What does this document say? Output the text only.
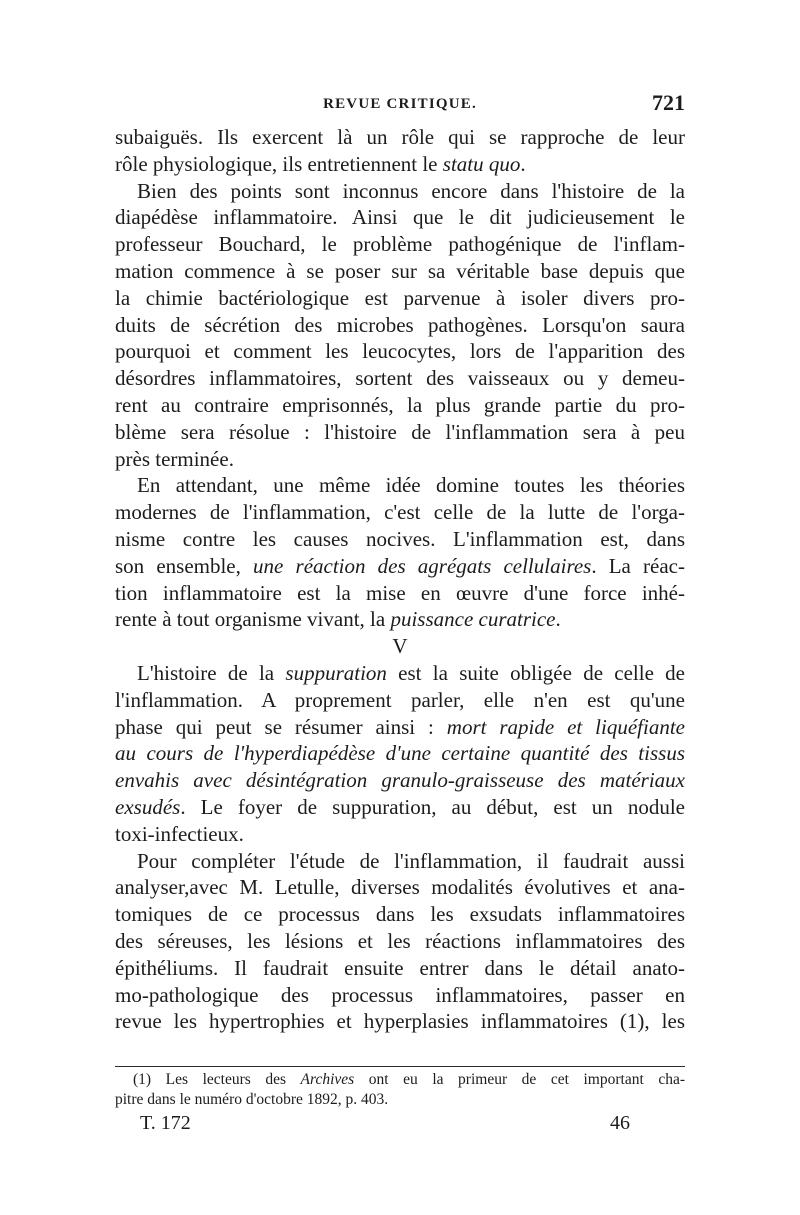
REVUE CRITIQUE.	721
subaiguës. Ils exercent là un rôle qui se rapproche de leur
rôle physiologique, ils entretiennent le statu quo.
Bien des points sont inconnus encore dans l'histoire de la
diapédèse inflammatoire. Ainsi que le dit judicieusement le
professeur Bouchard, le problème pathogénique de l'inflam-
mation commence à se poser sur sa véritable base depuis que
la chimie bactériologique est parvenue à isoler divers pro-
duits de sécrétion des microbes pathogènes. Lorsqu'on saura
pourquoi et comment les leucocytes, lors de l'apparition des
désordres inflammatoires, sortent des vaisseaux ou y demeu-
rent au contraire emprisonnés, la plus grande partie du pro-
blème sera résolue : l'histoire de l'inflammation sera à peu
près terminée.
En attendant, une même idée domine toutes les théories
modernes de l'inflammation, c'est celle de la lutte de l'orga-
nisme contre les causes nocives. L'inflammation est, dans
son ensemble, une réaction des agrégats cellulaires. La réac-
tion inflammatoire est la mise en œuvre d'une force inhé-
rente à tout organisme vivant, la puissance curatrice.
V
L'histoire de la suppuration est la suite obligée de celle de
l'inflammation. A proprement parler, elle n'en est qu'une
phase qui peut se résumer ainsi : mort rapide et liquéfiante
au cours de l'hyperdiapédèse d'une certaine quantité des tissus
envahis avec désintégration granulo-graisseuse des matériaux
exsudés. Le foyer de suppuration, au début, est un nodule
toxi-infectieux.
Pour compléter l'étude de l'inflammation, il faudrait aussi
analyser,avec M. Letulle, diverses modalités évolutives et ana-
tomiques de ce processus dans les exsudats inflammatoires
des séreuses, les lésions et les réactions inflammatoires des
épithéliums. Il faudrait ensuite entrer dans le détail anato-
mo-pathologique des processus inflammatoires, passer en
revue les hypertrophies et hyperplasies inflammatoires (1), les
(1) Les lecteurs des Archives ont eu la primeur de cet important cha-
pitre dans le numéro d'octobre 1892, p. 403.
T. 172	46
